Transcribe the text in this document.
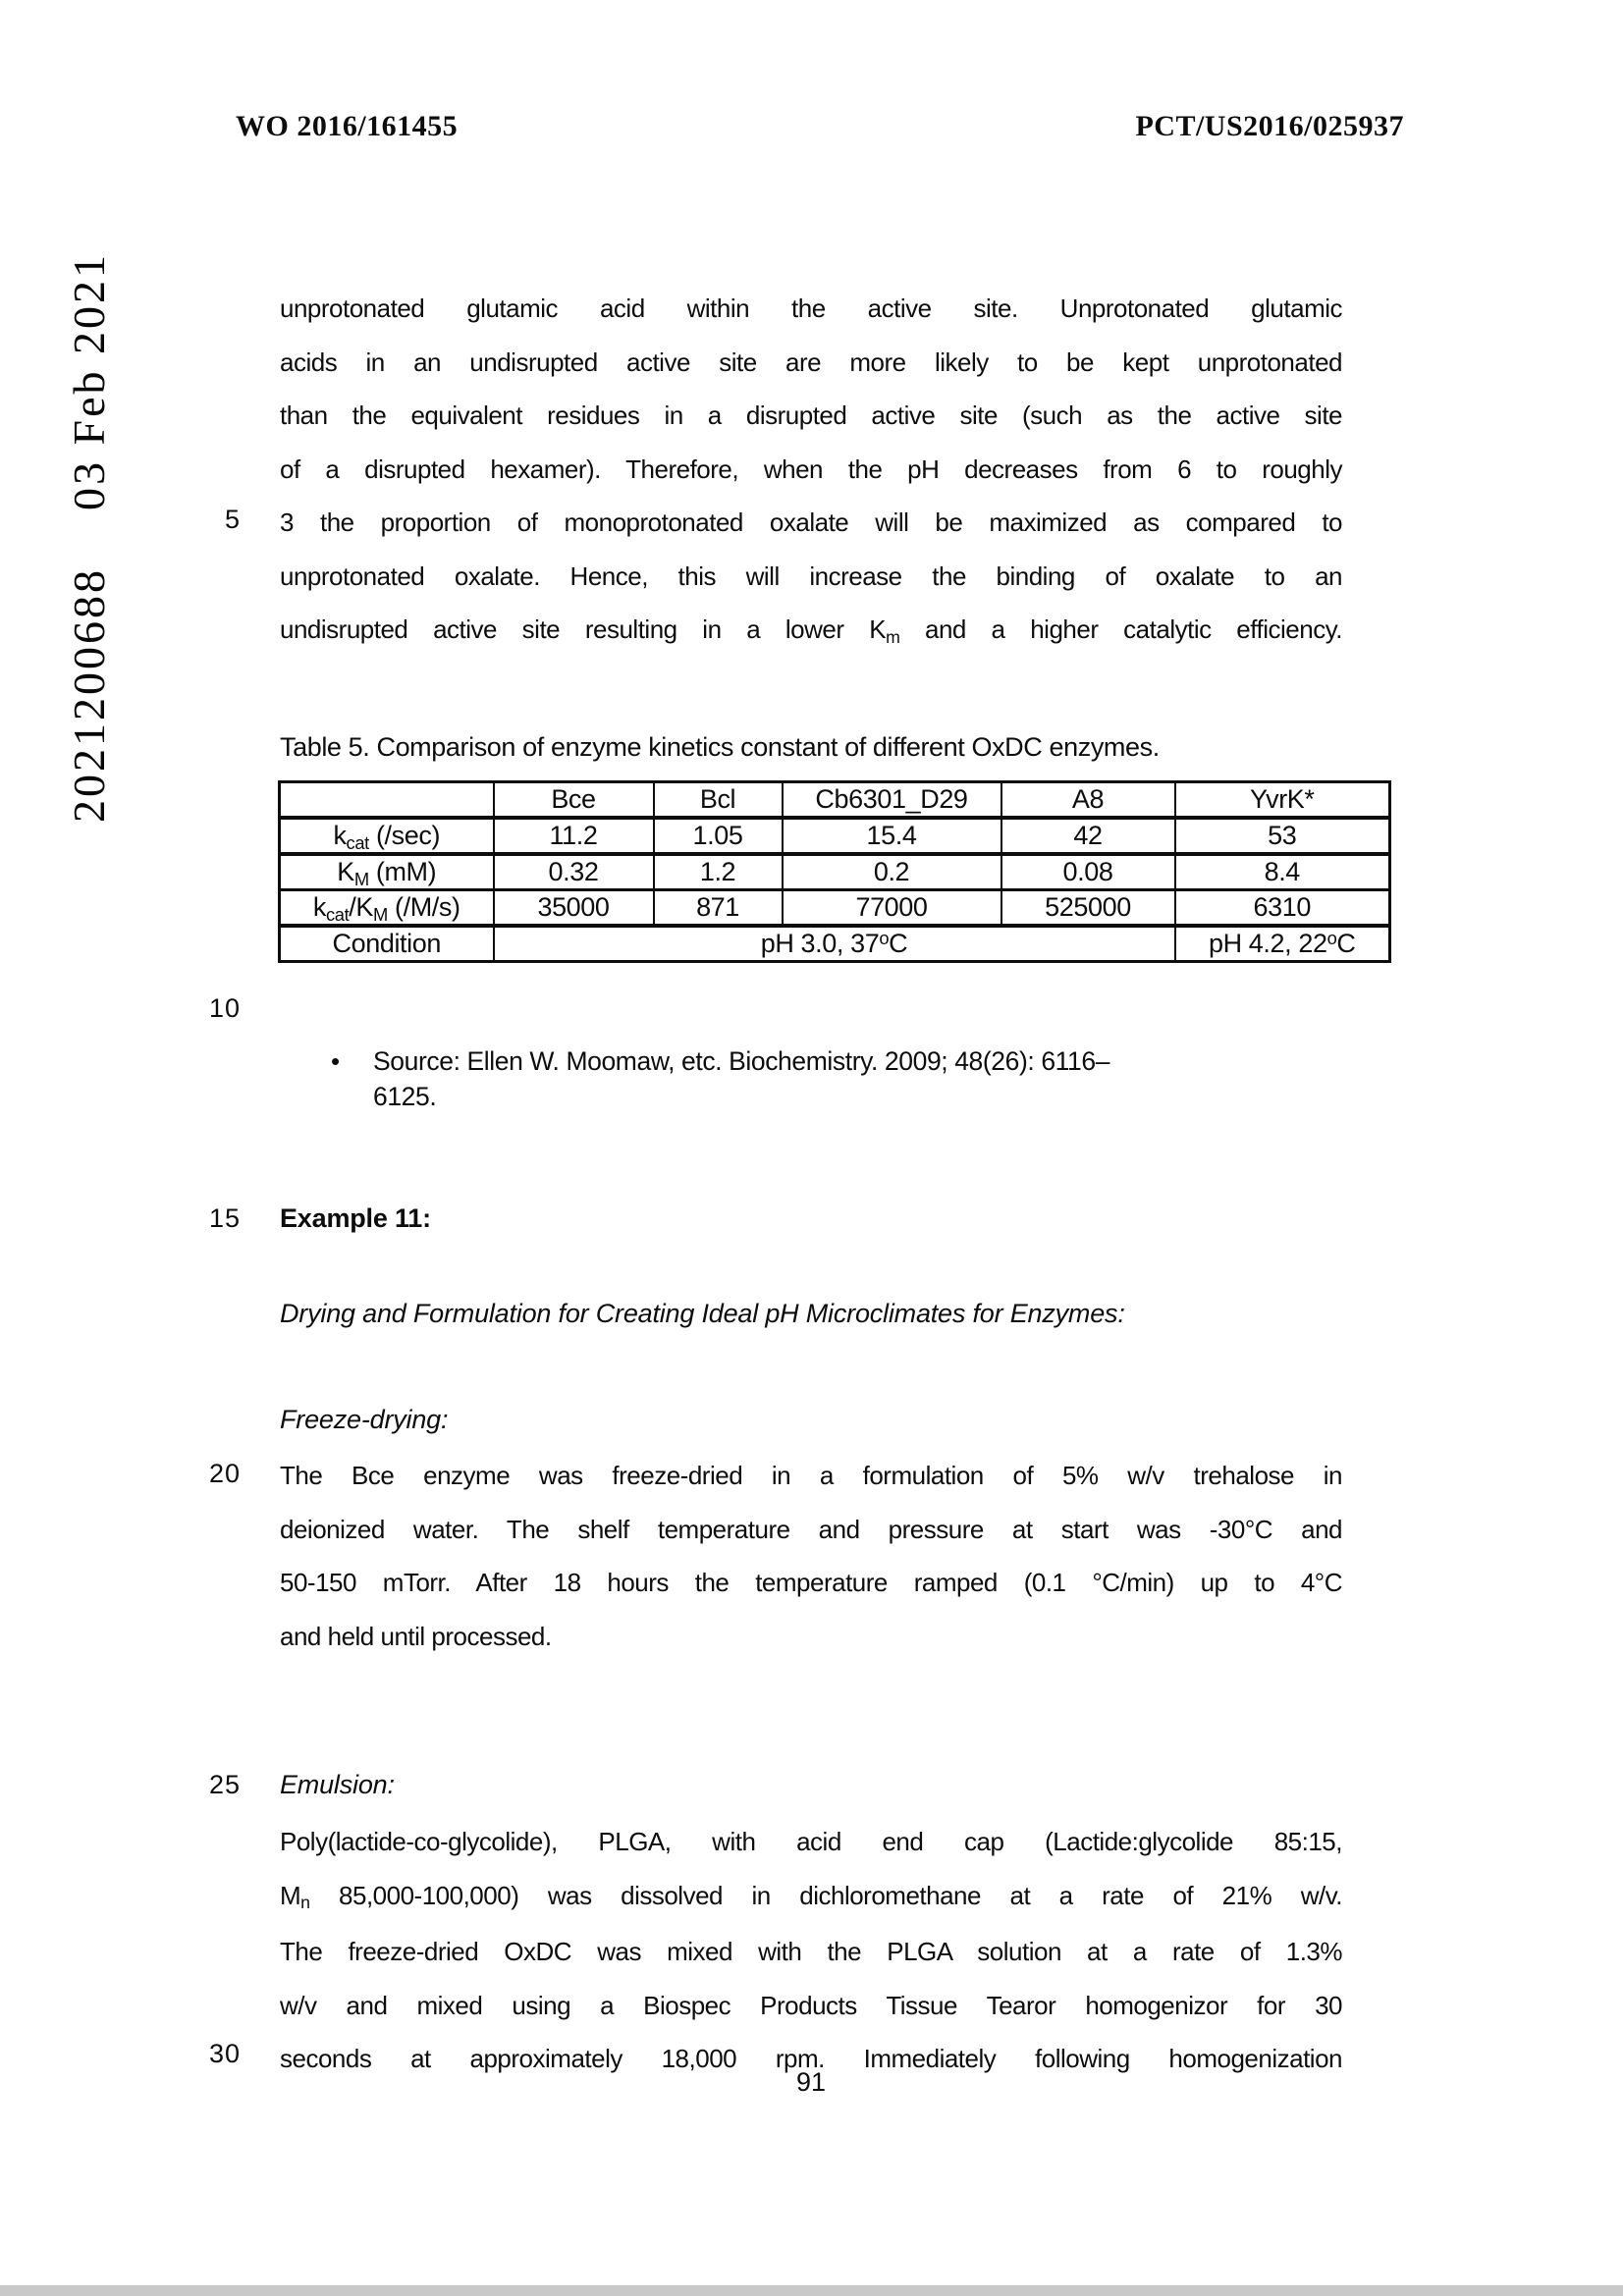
WO 2016/161455	PCT/US2016/025937
2021200688    03 Feb 2021	5
10
15
20
25
30
unprotonated glutamic acid within the active site. Unprotonated glutamic
acids in an undisrupted active site are more likely to be kept unprotonated
than the equivalent residues in a disrupted active site (such as the active site
of a disrupted hexamer). Therefore, when the pH decreases from 6 to roughly
3 the proportion of monoprotonated oxalate will be maximized as compared to
unprotonated oxalate. Hence, this will increase the binding of oxalate to an
undisrupted active site resulting in a lower $K_m$ and a higher catalytic efficiency.
Table 5. Comparison of enzyme kinetics constant of different OxDC enzymes.
	Bce	Bcl	Cb6301_D29	A8	YvrK*
$k_{cat}$ (/sec)	11.2	1.05	15.4	42	53
$K_M$ (mM)	0.32	1.2	0.2	0.08	8.4
$k_{cat}/K_M$ (/M/s)	35000	871	77000	525000	6310
Condition	pH 3.0, 37$^o$C				pH 4.2, 22$^o$C
•	Source: Ellen W. Moomaw, etc. Biochemistry. 2009; 48(26): 6116–
6125.
Example 11:
Drying and Formulation for Creating Ideal pH Microclimates for Enzymes:
Freeze-drying:
The Bce enzyme was freeze-dried in a formulation of 5% w/v trehalose in
deionized water. The shelf temperature and pressure at start was -30°C and
50-150 mTorr. After 18 hours the temperature ramped (0.1 °C/min) up to 4°C
and held until processed.
Emulsion:
Poly(lactide-co-glycolide), PLGA, with acid end cap (Lactide:glycolide 85:15,
$M_n$ 85,000-100,000) was dissolved in dichloromethane at a rate of 21% w/v.
The freeze-dried OxDC was mixed with the PLGA solution at a rate of 1.3%
w/v and mixed using a Biospec Products Tissue Tearor homogenizor for 30
seconds at approximately 18,000 rpm. Immediately following homogenization
91
